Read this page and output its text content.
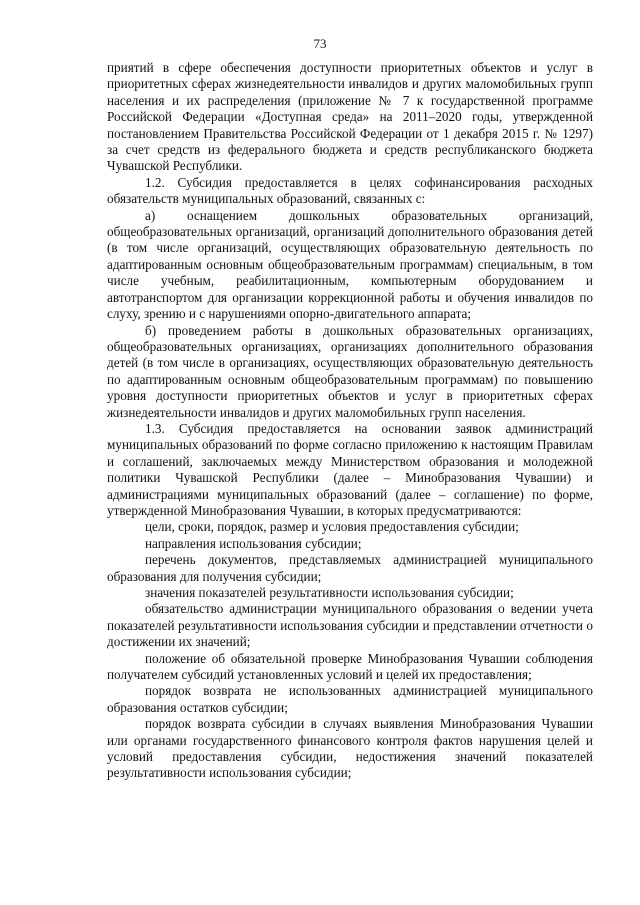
73

приятий в сфере обеспечения доступности приоритетных объектов и услуг в приоритетных сферах жизнедеятельности инвалидов и других маломобильных групп населения и их распределения (приложение № 7 к государственной программе Российской Федерации «Доступная среда» на 2011–2020 годы, утвержденной постановлением Правительства Российской Федерации от 1 декабря 2015 г. № 1297) за счет средств из федерального бюджета и средств республиканского бюджета Чувашской Республики.

1.2. Субсидия предоставляется в целях софинансирования расходных обязательств муниципальных образований, связанных с:

а) оснащением дошкольных образовательных организаций, общеобразовательных организаций, организаций дополнительного образования детей (в том числе организаций, осуществляющих образовательную деятельность по адаптированным основным общеобразовательным программам) специальным, в том числе учебным, реабилитационным, компьютерным оборудованием и автотранспортом для организации коррекционной работы и обучения инвалидов по слуху, зрению и с нарушениями опорно-двигательного аппарата;

б) проведением работы в дошкольных образовательных организациях, общеобразовательных организациях, организациях дополнительного образования детей (в том числе в организациях, осуществляющих образовательную деятельность по адаптированным основным общеобразовательным программам) по повышению уровня доступности приоритетных объектов и услуг в приоритетных сферах жизнедеятельности инвалидов и других маломобильных групп населения.

1.3. Субсидия предоставляется на основании заявок администраций муниципальных образований по форме согласно приложению к настоящим Правилам и соглашений, заключаемых между Министерством образования и молодежной политики Чувашской Республики (далее – Минобразования Чувашии) и администрациями муниципальных образований (далее – соглашение) по форме, утвержденной Минобразования Чувашии, в которых предусматриваются:

цели, сроки, порядок, размер и условия предоставления субсидии;

направления использования субсидии;

перечень документов, представляемых администрацией муниципального образования для получения субсидии;

значения показателей результативности использования субсидии;

обязательство администрации муниципального образования о ведении учета показателей результативности использования субсидии и представлении отчетности о достижении их значений;

положение об обязательной проверке Минобразования Чувашии соблюдения получателем субсидий установленных условий и целей их предоставления;

порядок возврата не использованных администрацией муниципального образования остатков субсидии;

порядок возврата субсидии в случаях выявления Минобразования Чувашии или органами государственного финансового контроля фактов нарушения целей и условий предоставления субсидии, недостижения значений показателей результативности использования субсидии;
